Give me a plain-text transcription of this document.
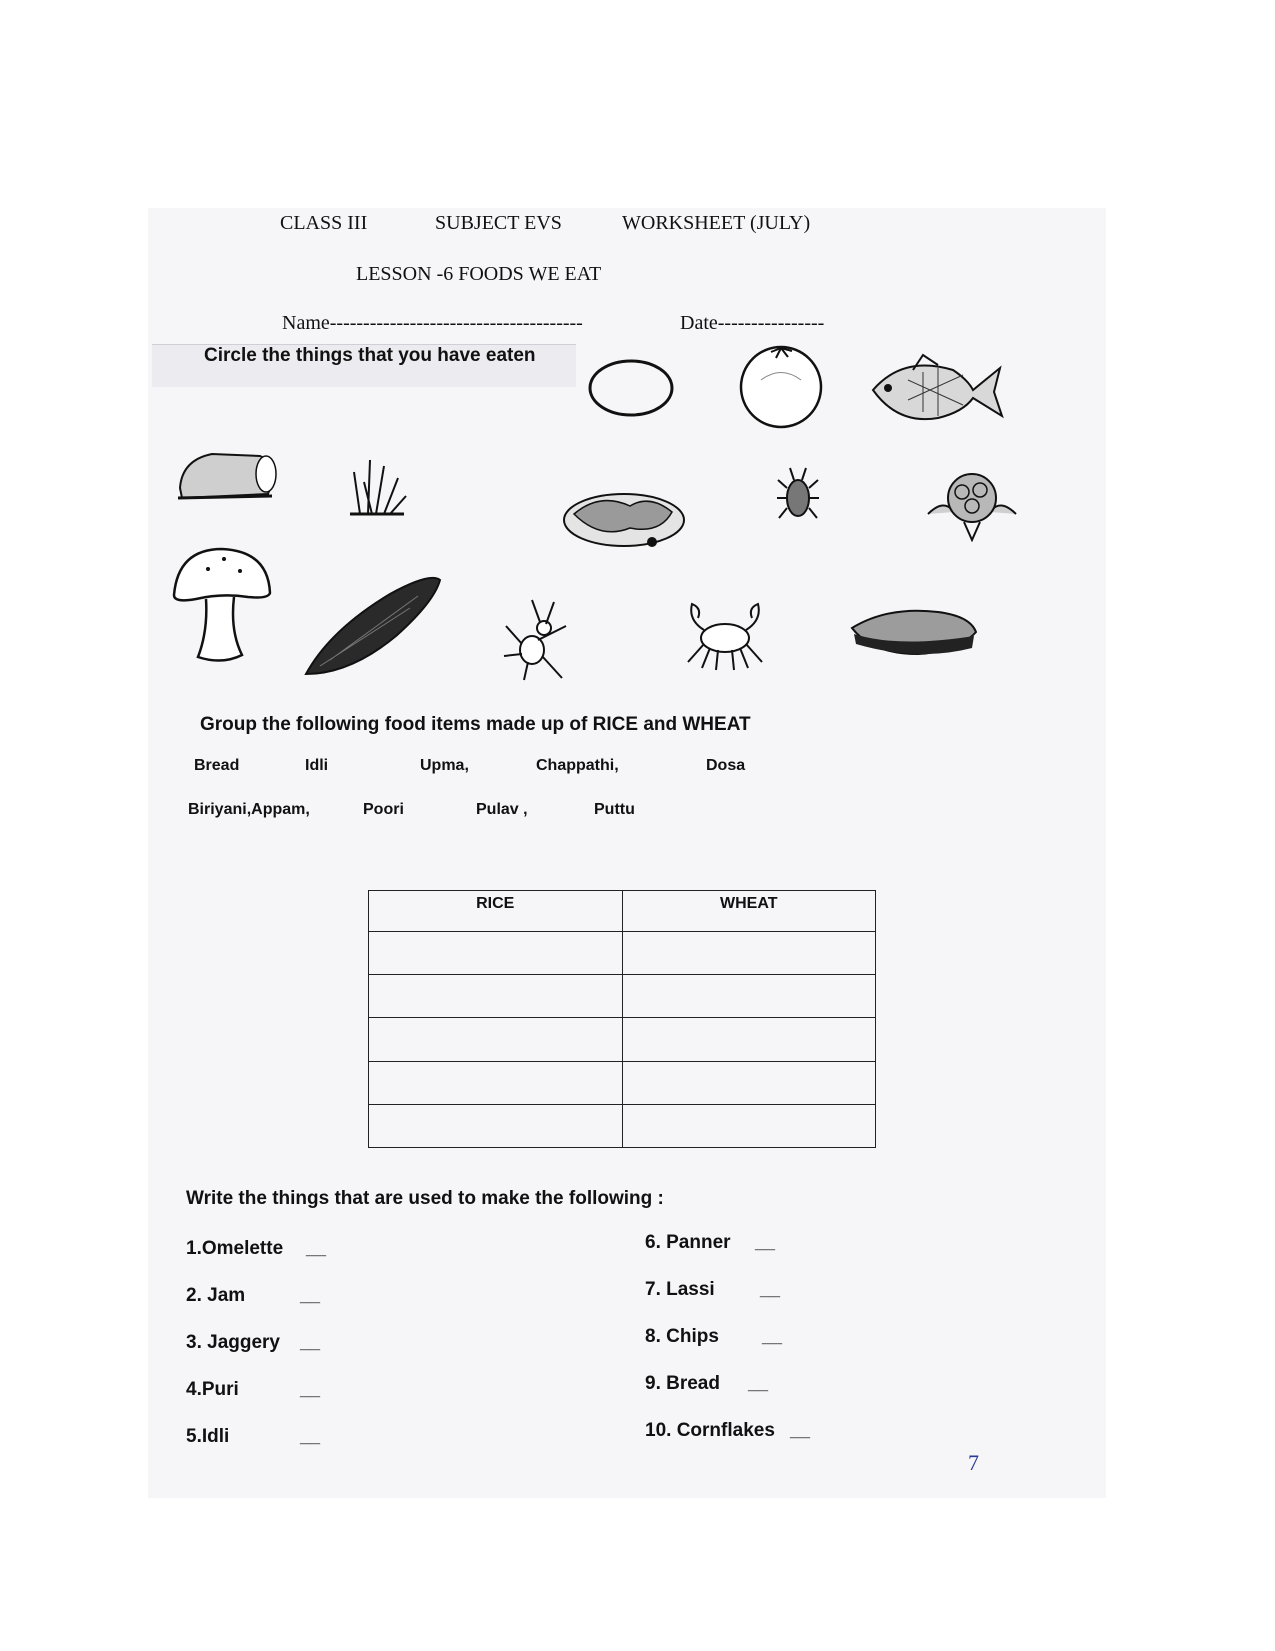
CLASS III	SUBJECT EVS	WORKSHEET (JULY)
LESSON -6 FOODS WE EAT
Name--------------------------------------	Date----------------
Circle the things that you have eaten
Group the following food items made up of RICE and WHEAT
Bread	Idli	Upma,	Chappathi,	Dosa
Biriyani,Appam,	Poori	Pulav ,	Puttu
RICE	WHEAT

Write the things that are used to make the following :
1.Omelette __
2. Jam	__
3. Jaggery __
4.Puri	__
5.Idli	__
6. Panner __
7. Lassi	__
8. Chips __
9. Bread __
10. Cornflakes __
7
